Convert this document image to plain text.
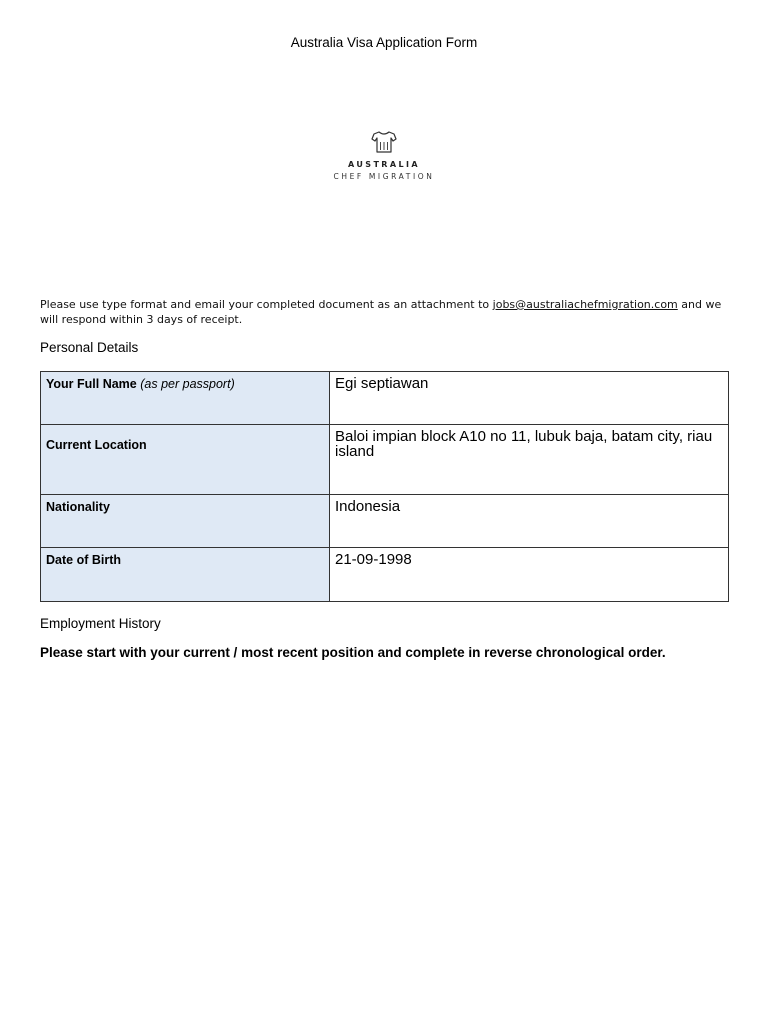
Australia Visa Application Form
AUSTRALIA
CHEF MIGRATION
Please use type format and email your completed document as an attachment to jobs@australiachefmigration.com and we will respond within 3 days of receipt.
Personal Details
Your Full Name (as per passport)	Egi septiawan
Current Location	Baloi impian block A10 no 11, lubuk baja, batam city, riau island
Nationality	Indonesia
Date of Birth	21-09-1998
Employment History
Please start with your current / most recent position and complete in reverse chronological order.
